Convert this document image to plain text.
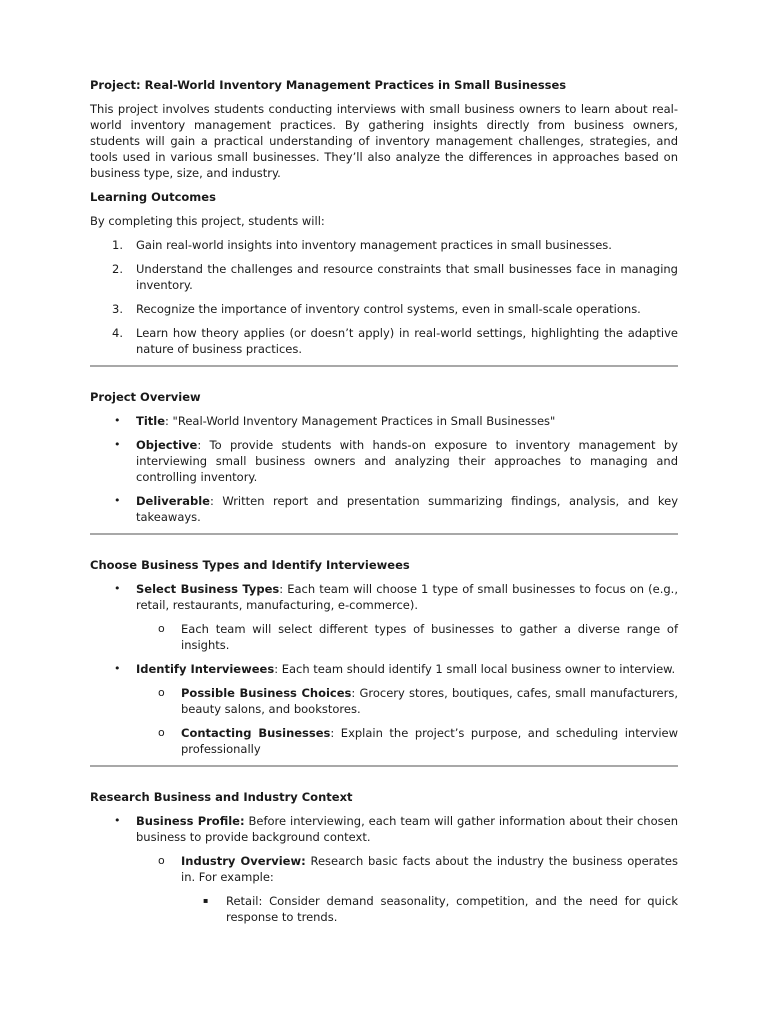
Project: Real-World Inventory Management Practices in Small Businesses

This project involves students conducting interviews with small business owners to learn about real-world inventory management practices. By gathering insights directly from business owners, students will gain a practical understanding of inventory management challenges, strategies, and tools used in various small businesses. They’ll also analyze the differences in approaches based on business type, size, and industry.

Learning Outcomes

By completing this project, students will:

1. Gain real-world insights into inventory management practices in small businesses.
2. Understand the challenges and resource constraints that small businesses face in managing inventory.
3. Recognize the importance of inventory control systems, even in small-scale operations.
4. Learn how theory applies (or doesn’t apply) in real-world settings, highlighting the adaptive nature of business practices.

Project Overview

• Title: "Real-World Inventory Management Practices in Small Businesses"
• Objective: To provide students with hands-on exposure to inventory management by interviewing small business owners and analyzing their approaches to managing and controlling inventory.
• Deliverable: Written report and presentation summarizing findings, analysis, and key takeaways.

Choose Business Types and Identify Interviewees

• Select Business Types: Each team will choose 1 type of small businesses to focus on (e.g., retail, restaurants, manufacturing, e-commerce).
o Each team will select different types of businesses to gather a diverse range of insights.
• Identify Interviewees: Each team should identify 1 small local business owner to interview.
o Possible Business Choices: Grocery stores, boutiques, cafes, small manufacturers, beauty salons, and bookstores.
o Contacting Businesses: Explain the project’s purpose, and scheduling interview professionally

Research Business and Industry Context

• Business Profile: Before interviewing, each team will gather information about their chosen business to provide background context.
o Industry Overview: Research basic facts about the industry the business operates in. For example:
▪ Retail: Consider demand seasonality, competition, and the need for quick response to trends.
